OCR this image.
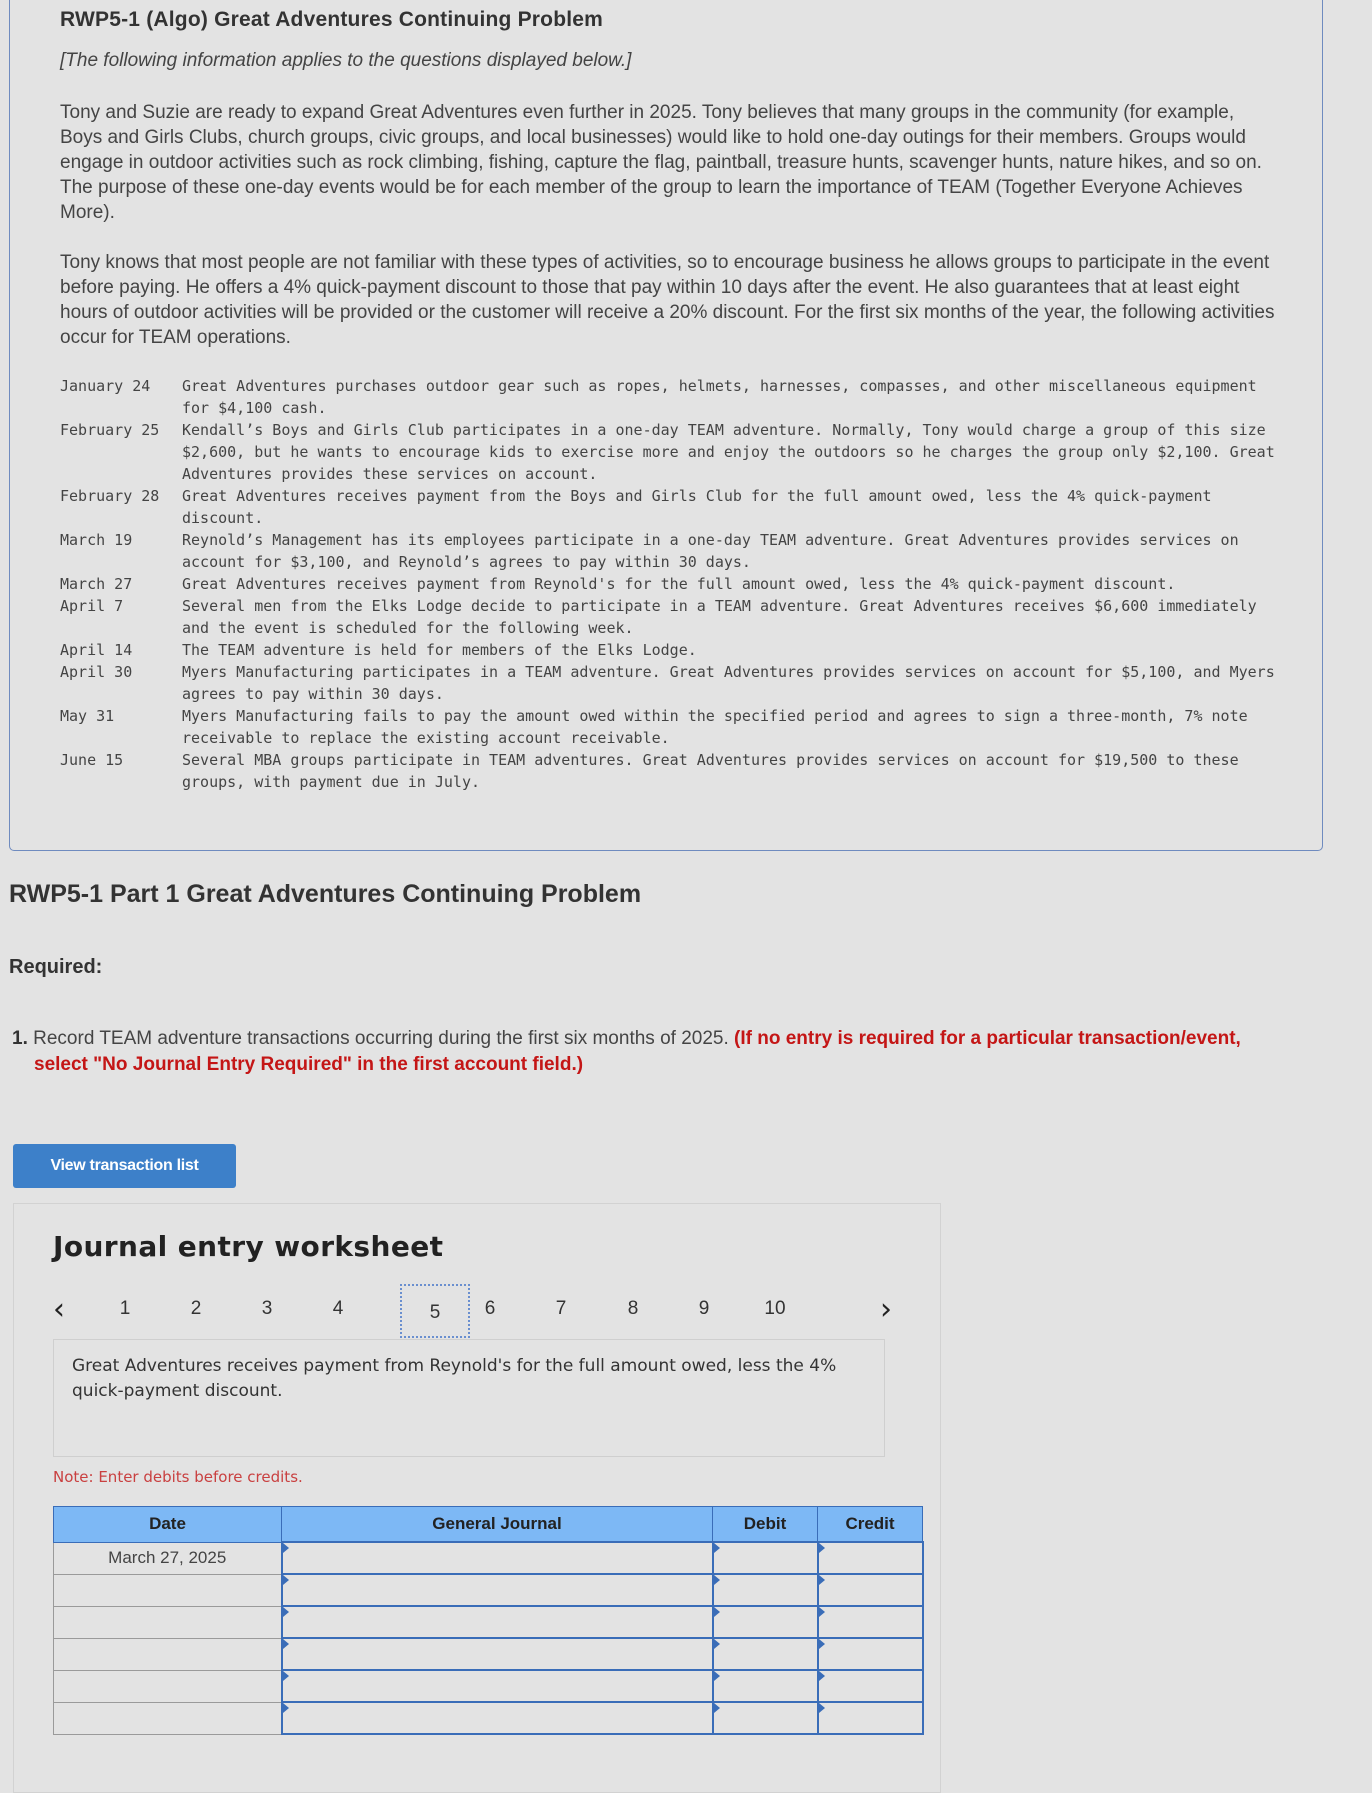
RWP5-1 (Algo) Great Adventures Continuing Problem
[The following information applies to the questions displayed below.]

Tony and Suzie are ready to expand Great Adventures even further in 2025. Tony believes that many groups in the community (for example, Boys and Girls Clubs, church groups, civic groups, and local businesses) would like to hold one-day outings for their members. Groups would engage in outdoor activities such as rock climbing, fishing, capture the flag, paintball, treasure hunts, scavenger hunts, nature hikes, and so on. The purpose of these one-day events would be for each member of the group to learn the importance of TEAM (Together Everyone Achieves More).

Tony knows that most people are not familiar with these types of activities, so to encourage business he allows groups to participate in the event before paying. He offers a 4% quick-payment discount to those that pay within 10 days after the event. He also guarantees that at least eight hours of outdoor activities will be provided or the customer will receive a 20% discount. For the first six months of the year, the following activities occur for TEAM operations.

January 24	Great Adventures purchases outdoor gear such as ropes, helmets, harnesses, compasses, and other miscellaneous equipment for $4,100 cash.
February 25	Kendall’s Boys and Girls Club participates in a one-day TEAM adventure. Normally, Tony would charge a group of this size $2,600, but he wants to encourage kids to exercise more and enjoy the outdoors so he charges the group only $2,100. Great Adventures provides these services on account.
February 28	Great Adventures receives payment from the Boys and Girls Club for the full amount owed, less the 4% quick-payment discount.
March 19	Reynold’s Management has its employees participate in a one-day TEAM adventure. Great Adventures provides services on account for $3,100, and Reynold’s agrees to pay within 30 days.
March 27	Great Adventures receives payment from Reynold's for the full amount owed, less the 4% quick-payment discount.
April 7	Several men from the Elks Lodge decide to participate in a TEAM adventure. Great Adventures receives $6,600 immediately and the event is scheduled for the following week.
April 14	The TEAM adventure is held for members of the Elks Lodge.
April 30	Myers Manufacturing participates in a TEAM adventure. Great Adventures provides services on account for $5,100, and Myers agrees to pay within 30 days.
May 31	Myers Manufacturing fails to pay the amount owed within the specified period and agrees to sign a three-month, 7% note receivable to replace the existing account receivable.
June 15	Several MBA groups participate in TEAM adventures. Great Adventures provides services on account for $19,500 to these groups, with payment due in July.
RWP5-1 Part 1 Great Adventures Continuing Problem
Required:
1. Record TEAM adventure transactions occurring during the first six months of 2025. (If no entry is required for a particular transaction/event, select "No Journal Entry Required" in the first account field.)
View transaction list
Journal entry worksheet
‹	1	2	3	4	5	6	7	8	9	10	›
Great Adventures receives payment from Reynold's for the full amount owed, less the 4% quick-payment discount.
Note: Enter debits before credits.
Date	General Journal	Debit	Credit
March 27, 2025			
